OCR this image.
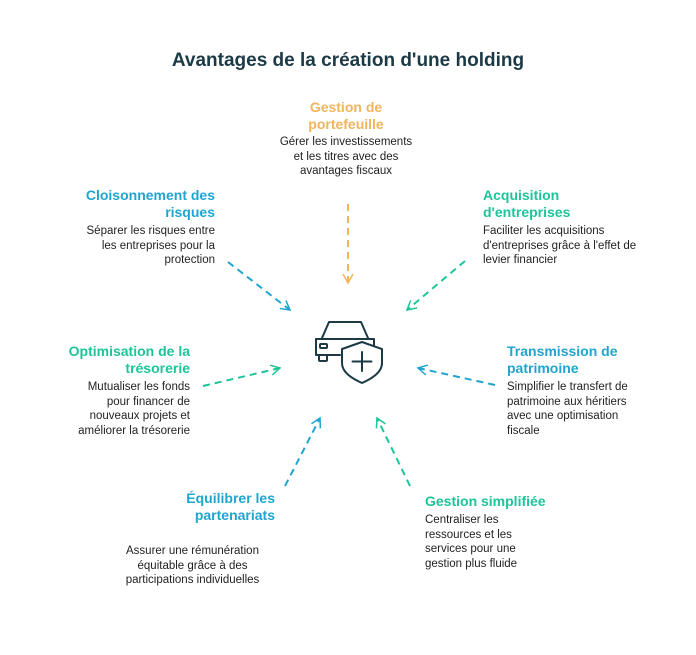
Avantages de la création d'une holding
Gestion de portefeuille
Gérer les investissements et les titres avec des avantages fiscaux
Acquisition d'entreprises
Faciliter les acquisitions d'entreprises grâce à l'effet de levier financier
Transmission de patrimoine
Simplifier le transfert de patrimoine aux héritiers avec une optimisation fiscale
Gestion simplifiée
Centraliser les ressources et les services pour une gestion plus fluide
Équilibrer les partenariats
Assurer une rémunération équitable grâce à des participations individuelles
Optimisation de la trésorerie
Mutualiser les fonds pour financer de nouveaux projets et améliorer la trésorerie
Cloisonnement des risques
Séparer les risques entre les entreprises pour la protection
